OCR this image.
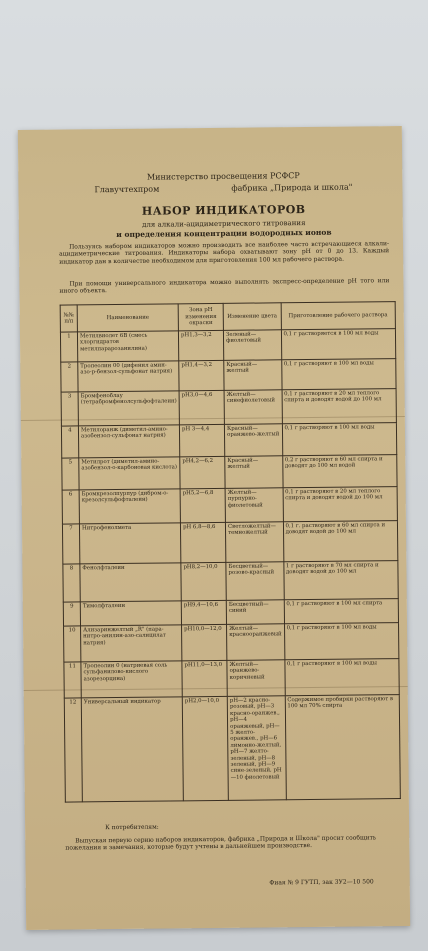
Министерство просвещения РСФСР
Главучтехпром	фабрика „Природа и школа"
НАБОР ИНДИКАТОРОВ
для алкали-ацидиметрического титрования
и определения концентрации водородных ионов
Пользуясь набором индикаторов можно производить все наиболее часто встречающиеся алкали-ацидиметрические титрования. Индикаторы набора охватывают зону рН от 0 до 13. Каждый индикатор дан в количестве необходимом для приготовления 100 мл рабочего раствора.
При помощи универсального индикатора можно выполнять экспресс-определение рН того или иного объекта.
№№ п/п	Наименование	Зона рН изменения окраски	Изменение цвета	Приготовление рабочего раствора
1	Метилвиолет 6В (смесь хлоргидратов метилпарарозанилина)	рН1,3—3,2	Зеленый—фиолетовый	0,1 г растворяется в 100 мл воды
2	Тропеолин 00 (дифенил амин-азо-р-бензол-сульфонат натрия)	рН1,4—3,2	Красный—желтый	0,1 г растворяют в 100 мл воды
3	Бромфеноблау (тетрабромфенолсульфофталеин)	рН3,0—4,6	Желтый—синефиолетовый	0,1 г растворяют в 20 мл теплого спирта и доводят водой до 100 мл
4	Метилоранж (диметил-амино-азобензол-сульфонат натрия)	рН 3—4,4	Красный—оранжево-желтый	0,1 г растворяют в 100 мл воды
5	Метилрот (диметил-амино-азобензол-о-карбоновая кислота)	рН4,2—6,2	Красный—желтый	0,2 г растворяют в 60 мл спирта и доводят до 100 мл водой
6	Бромкрезолпурпур (дибром-о-крезолсульфофталеин)	рН5,2—6,8	Желтый—пурпурно-фиолетовый	0,1 г растворяют в 20 мл теплого спирта и доводят водой до 100 мл
7	Нитрофенолмета	рН 6,8—8,6	Светложелтый—темножелтый	0,1 г. растворяют в 60 мл спирта и доводят водой до 100 мл
8	Фенолфталеин	рН8,2—10,0	Бесцветный—розово-красный	1 г растворяют в 70 мл спирта и доводят водой до 100 мл
9	Тимолфталеин	рН9,4—10,6	Бесцветный—синий	0,1 г растворяют в 100 мл спирта
10	Ализаринжелтый „R" (пара-нитро-анилин-азо-салицилат натрия)	рН10,0—12,0	Желтый—краснооранжевый	0,1 г растворяют в 100 мл воды
11	Тропеолин 0 (натриевая соль сульфанилово-кислого азорезорцина)	рН11,0—13,0	Желтый—оранжево-коричневый	0,1 г растворяют в 100 мл воды
12	Универсальный индикатор	рН2,0—10,0	рН—2 красно-розовый, рН—3 красно-оранжев., рН—4 оранжевый, рН—5 желто-оранжев., рН—6 лимонно-желтый, рН—7 желто-зеленый, рН—8 зеленый, рН—9 сине-зеленый, рН—10 фиолетовый	Содержимое пробирки растворяют в 100 мл 70% спирта
К потребителям:
Выпуская первую серию наборов индикаторов, фабрика „Природа и Школа" просит сообщить пожелания и замечания, которые будут учтены в дальнейшем производстве.
Фиая № 9 ГУТП, зак 3У2—10 500
